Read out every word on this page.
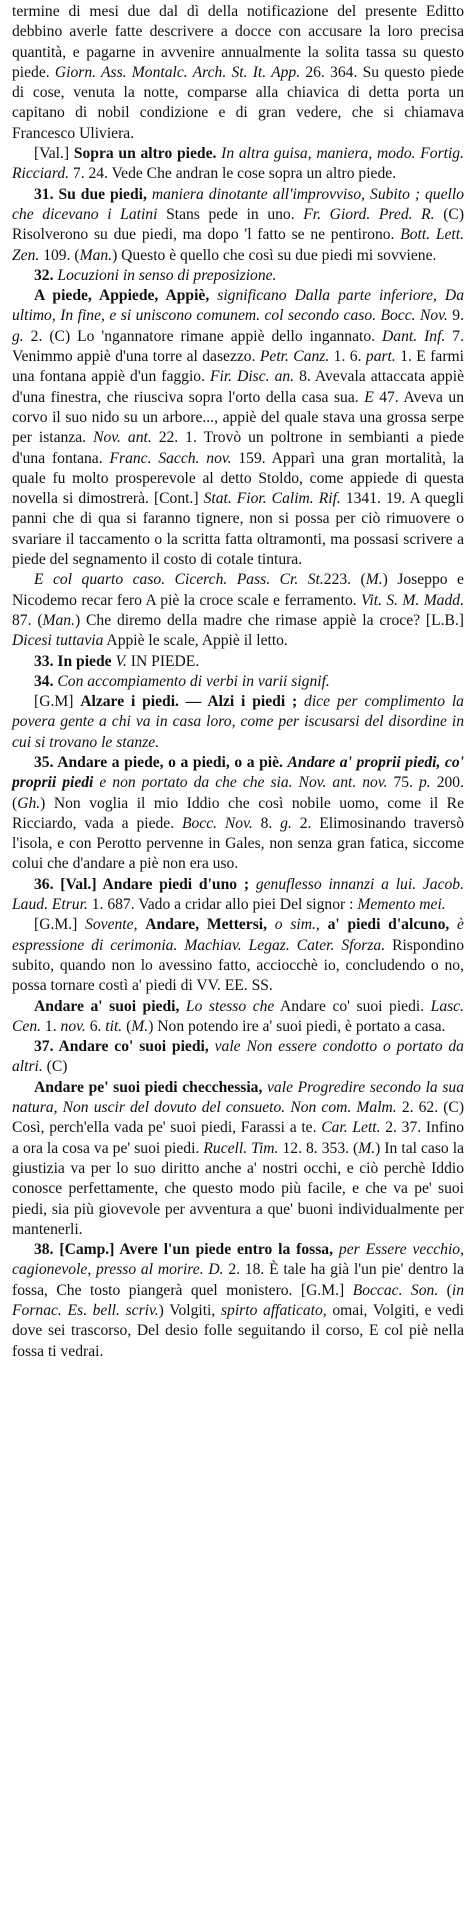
termine di mesi due dal dì della notificazione del presente Editto debbino averle fatte descrivere a docce con accusare la loro precisa quantità, e pagarne in avvenire annualmente la solita tassa su questo piede. Giorn. Ass. Montalc. Arch. St. It. App. 26. 364. Su questo piede di cose, venuta la notte, comparse alla chiavica di detta porta un capitano di nobil condizione e di gran vedere, che si chiamava Francesco Uliviera.

[Val.] Sopra un altro piede. In altra guisa, maniera, modo. Fortig. Ricciard. 7. 24. Vede Che andran le cose sopra un altro piede.

31. Su due piedi, maniera dinotante all'improvviso, Subito ; quello che dicevano i Latini Stans pede in uno. Fr. Giord. Pred. R. (C) Risolverono su due piedi, ma dopo 'l fatto se ne pentirono. Bott. Lett. Zen. 109. (Man.) Questo è quello che così su due piedi mi sovviene.

32. Locuzioni in senso di preposizione.

A piede, Appiede, Appiè, significano Dalla parte inferiore, Da ultimo, In fine, e si uniscono comunem. col secondo caso. Bocc. Nov. 9. g. 2. (C) Lo 'ngannatore rimane appiè dello ingannato. Dant. Inf. 7. Venimmo appiè d'una torre al dasezzo. Petr. Canz. 1. 6. part. 1. E farmi una fontana appiè d'un faggio. Fir. Disc. an. 8. Avevala attaccata appiè d'una finestra, che riusciva sopra l'orto della casa sua. E 47. Aveva un corvo il suo nido su un arbore..., appiè del quale stava una grossa serpe per istanza. Nov. ant. 22. 1. Trovò un poltrone in sembianti a piede d'una fontana. Franc. Sacch. nov. 159. Apparì una gran mortalità, la quale fu molto prosperevole al detto Stoldo, come appiede di questa novella si dimostrerà. [Cont.] Stat. Fior. Calim. Rif. 1341. 19. A quegli panni che di qua si faranno tignere, non si possa per ciò rimuovere o svariare il taccamento o la scritta fatta oltramonti, ma possasi scrivere a piede del segnamento il costo di cotale tintura.

E col quarto caso. Cicerch. Pass. Cr. St.223. (M.) Joseppo e Nicodemo recar fero A piè la croce scale e ferramento. Vit. S. M. Madd. 87. (Man.) Che diremo della madre che rimase appiè la croce? [L.B.] Dicesi tuttavia Appiè le scale, Appiè il letto.

33. In piede V. IN PIEDE.

34. Con accompiamento di verbi in varii signif.

[G.M] Alzare i piedi. — Alzi i piedi ; dice per complimento la povera gente a chi va in casa loro, come per iscusarsi del disordine in cui si trovano le stanze.

35. Andare a piede, o a piedi, o a piè. Andare a' proprii piedi, co' proprii piedi e non portato da che che sia. Nov. ant. nov. 75. p. 200. (Gh.) Non voglia il mio Iddio che così nobile uomo, come il Re Ricciardo, vada a piede. Bocc. Nov. 8. g. 2. Elimosinando traversò l'isola, e con Perotto pervenne in Gales, non senza gran fatica, siccome colui che d'andare a piè non era uso.

36. [Val.] Andare piedi d'uno ; genuflesso innanzi a lui. Jacob. Laud. Etrur. 1. 687. Vado a cridar allo piei Del signor : Memento mei.

[G.M.] Sovente, Andare, Mettersi, o sim., a' piedi d'alcuno, è espressione di cerimonia. Machiav. Legaz. Cater. Sforza. Rispondino subito, quando non lo avessino fatto, acciocchè io, concludendo o no, possa tornare costì a' piedi di VV. EE. SS.

Andare a' suoi piedi, Lo stesso che Andare co' suoi piedi. Lasc. Cen. 1. nov. 6. tit. (M.) Non potendo ire a' suoi piedi, è portato a casa.

37. Andare co' suoi piedi, vale Non essere condotto o portato da altri. (C)

Andare pe' suoi piedi checchessia, vale Progredire secondo la sua natura, Non uscir del dovuto del consueto. Non com. Malm. 2. 62. (C) Così, perch'ella vada pe' suoi piedi, Farassi a te. Car. Lett. 2. 37. Infino a ora la cosa va pe' suoi piedi. Rucell. Tim. 12. 8. 353. (M.) In tal caso la giustizia va per lo suo diritto anche a' nostri occhi, e ciò perchè Iddio conosce perfettamente, che questo modo più facile, e che va pe' suoi piedi, sia più giovevole per avventura a que' buoni individualmente per mantenerli.

38. [Camp.] Avere l'un piede entro la fossa, per Essere vecchio, cagionevole, presso al morire. D. 2. 18. È tale ha già l'un pie' dentro la fossa, Che tosto piangerà quel monistero. [G.M.] Boccac. Son. (in Fornac. Es. bell. scriv.) Volgiti, spirto affaticato, omai, Volgiti, e vedi dove sei trascorso, Del desio folle seguitando il corso, E col piè nella fossa ti vedrai.
